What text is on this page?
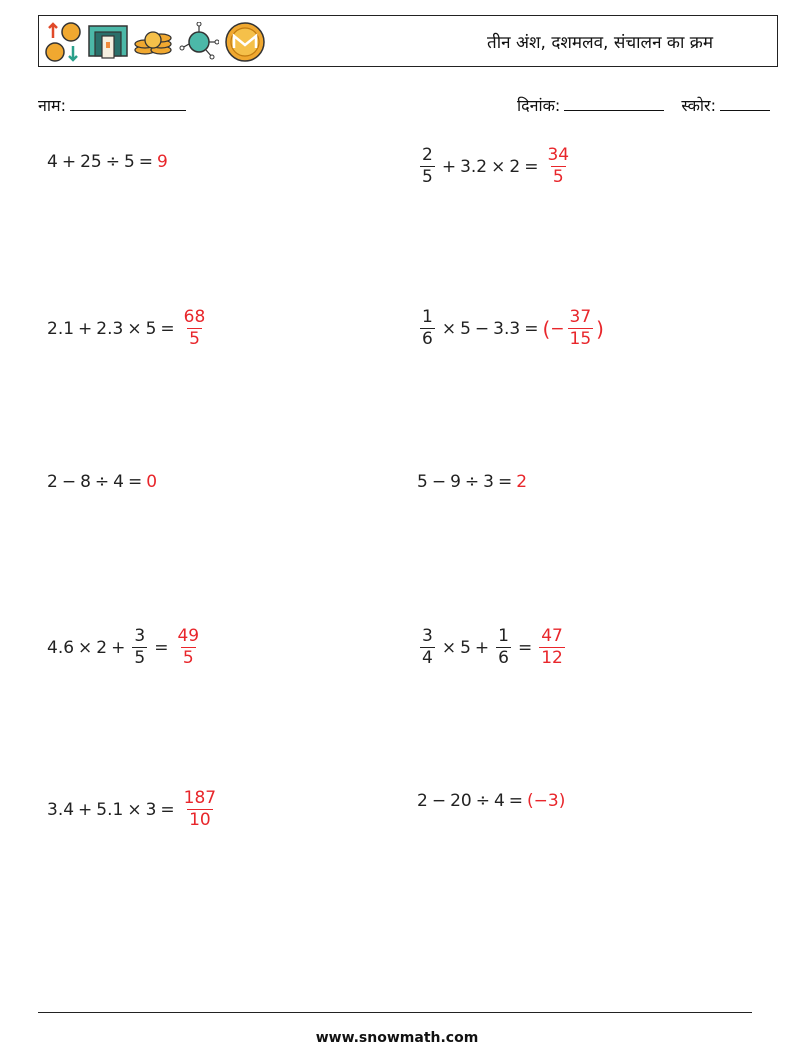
तीन अंश, दशमलव, संचालन का क्रम
नाम:	दिनांक:	स्कोर:
4 + 25 ÷ 5 = 9	$\frac{2}{5} + 3.2 \times 2 = \frac{34}{5}$
$2.1 + 2.3 \times 5 = \frac{68}{5}$	$\frac{1}{6} \times 5 - 3.3$ = ( − $\frac{37}{15}$ )
2 − 8 ÷ 4 = 0	5 − 9 ÷ 3 = 2
$4.6 \times 2 + \frac{3}{5} = \frac{49}{5}$	$\frac{3}{4} \times 5 + \frac{1}{6} = \frac{47}{12}$
$3.4 + 5.1 \times 3 = \frac{187}{10}$	2 − 20 ÷ 4 = (−3)
www.snowmath.com
